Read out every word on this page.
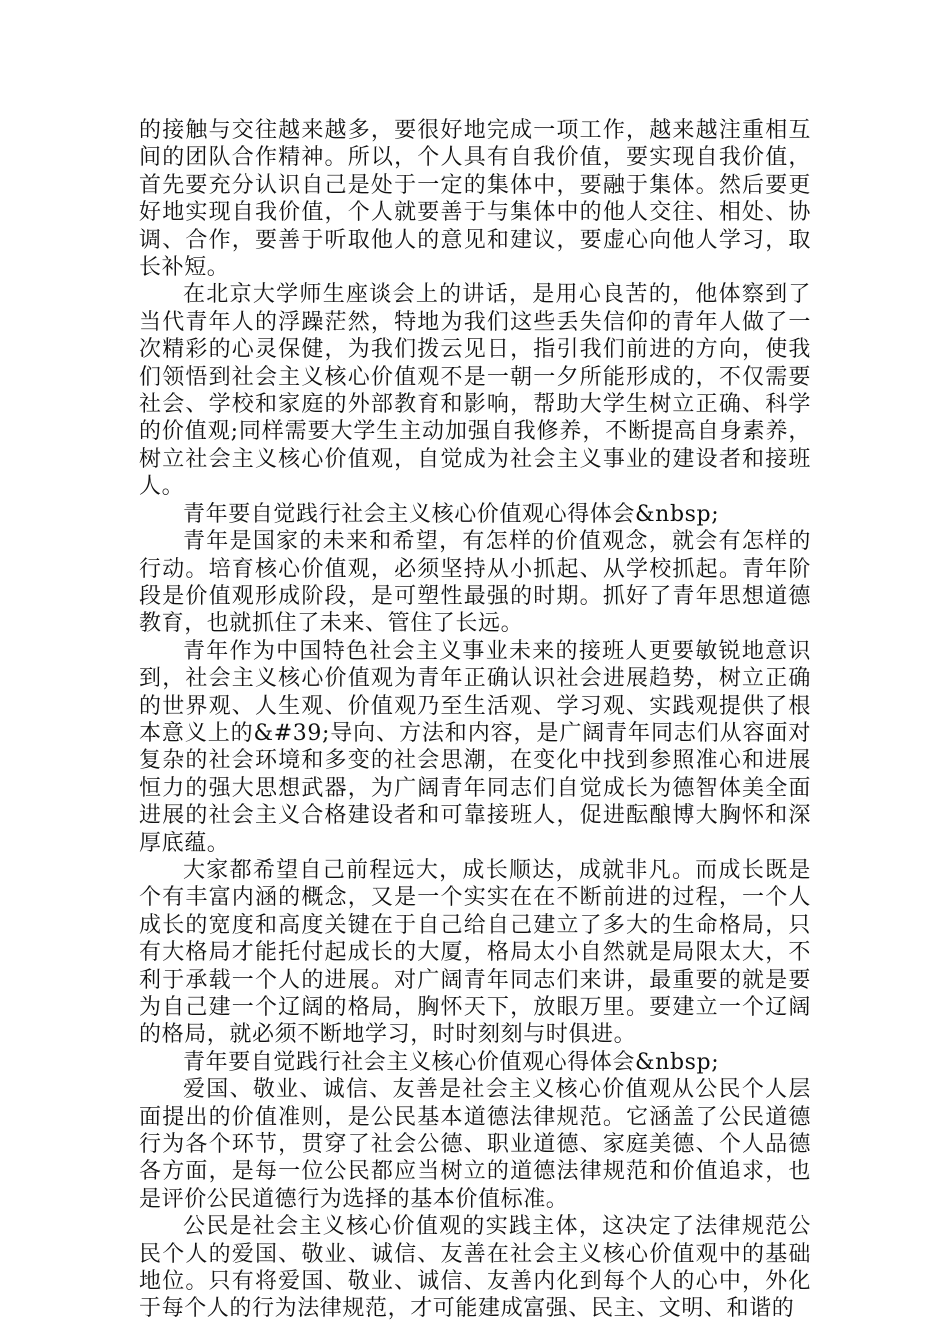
的接触与交往越来越多，要很好地完成一项工作，越来越注重相互间的团队合作精神。所以，个人具有自我价值，要实现自我价值，首先要充分认识自己是处于一定的集体中，要融于集体。然后要更好地实现自我价值，个人就要善于与集体中的他人交往、相处、协调、合作，要善于听取他人的意见和建议，要虚心向他人学习，取长补短。

在北京大学师生座谈会上的讲话，是用心良苦的，他体察到了当代青年人的浮躁茫然，特地为我们这些丢失信仰的青年人做了一次精彩的心灵保健，为我们拨云见日，指引我们前进的方向，使我们领悟到社会主义核心价值观不是一朝一夕所能形成的，不仅需要社会、学校和家庭的外部教育和影响，帮助大学生树立正确、科学的价值观;同样需要大学生主动加强自我修养，不断提高自身素养，树立社会主义核心价值观，自觉成为社会主义事业的建设者和接班人。

青年要自觉践行社会主义核心价值观心得体会&nbsp;

青年是国家的未来和希望，有怎样的价值观念，就会有怎样的行动。培育核心价值观，必须坚持从小抓起、从学校抓起。青年阶段是价值观形成阶段，是可塑性最强的时期。抓好了青年思想道德教育，也就抓住了未来、管住了长远。

青年作为中国特色社会主义事业未来的接班人更要敏锐地意识到，社会主义核心价值观为青年正确认识社会进展趋势，树立正确的世界观、人生观、价值观乃至生活观、学习观、实践观提供了根本意义上的&#39;导向、方法和内容，是广阔青年同志们从容面对复杂的社会环境和多变的社会思潮，在变化中找到参照准心和进展恒力的强大思想武器，为广阔青年同志们自觉成长为德智体美全面进展的社会主义合格建设者和可靠接班人，促进酝酿博大胸怀和深厚底蕴。

大家都希望自己前程远大，成长顺达，成就非凡。而成长既是个有丰富内涵的概念，又是一个实实在在不断前进的过程，一个人成长的宽度和高度关键在于自己给自己建立了多大的生命格局，只有大格局才能托付起成长的大厦，格局太小自然就是局限太大，不利于承载一个人的进展。对广阔青年同志们来讲，最重要的就是要为自己建一个辽阔的格局，胸怀天下，放眼万里。要建立一个辽阔的格局，就必须不断地学习，时时刻刻与时俱进。

青年要自觉践行社会主义核心价值观心得体会&nbsp;

爱国、敬业、诚信、友善是社会主义核心价值观从公民个人层面提出的价值准则，是公民基本道德法律规范。它涵盖了公民道德行为各个环节，贯穿了社会公德、职业道德、家庭美德、个人品德各方面，是每一位公民都应当树立的道德法律规范和价值追求，也是评价公民道德行为选择的基本价值标准。

公民是社会主义核心价值观的实践主体，这决定了法律规范公民个人的爱国、敬业、诚信、友善在社会主义核心价值观中的基础地位。只有将爱国、敬业、诚信、友善内化到每个人的心中，外化于每个人的行为法律规范，才可能建成富强、民主、文明、和谐的
